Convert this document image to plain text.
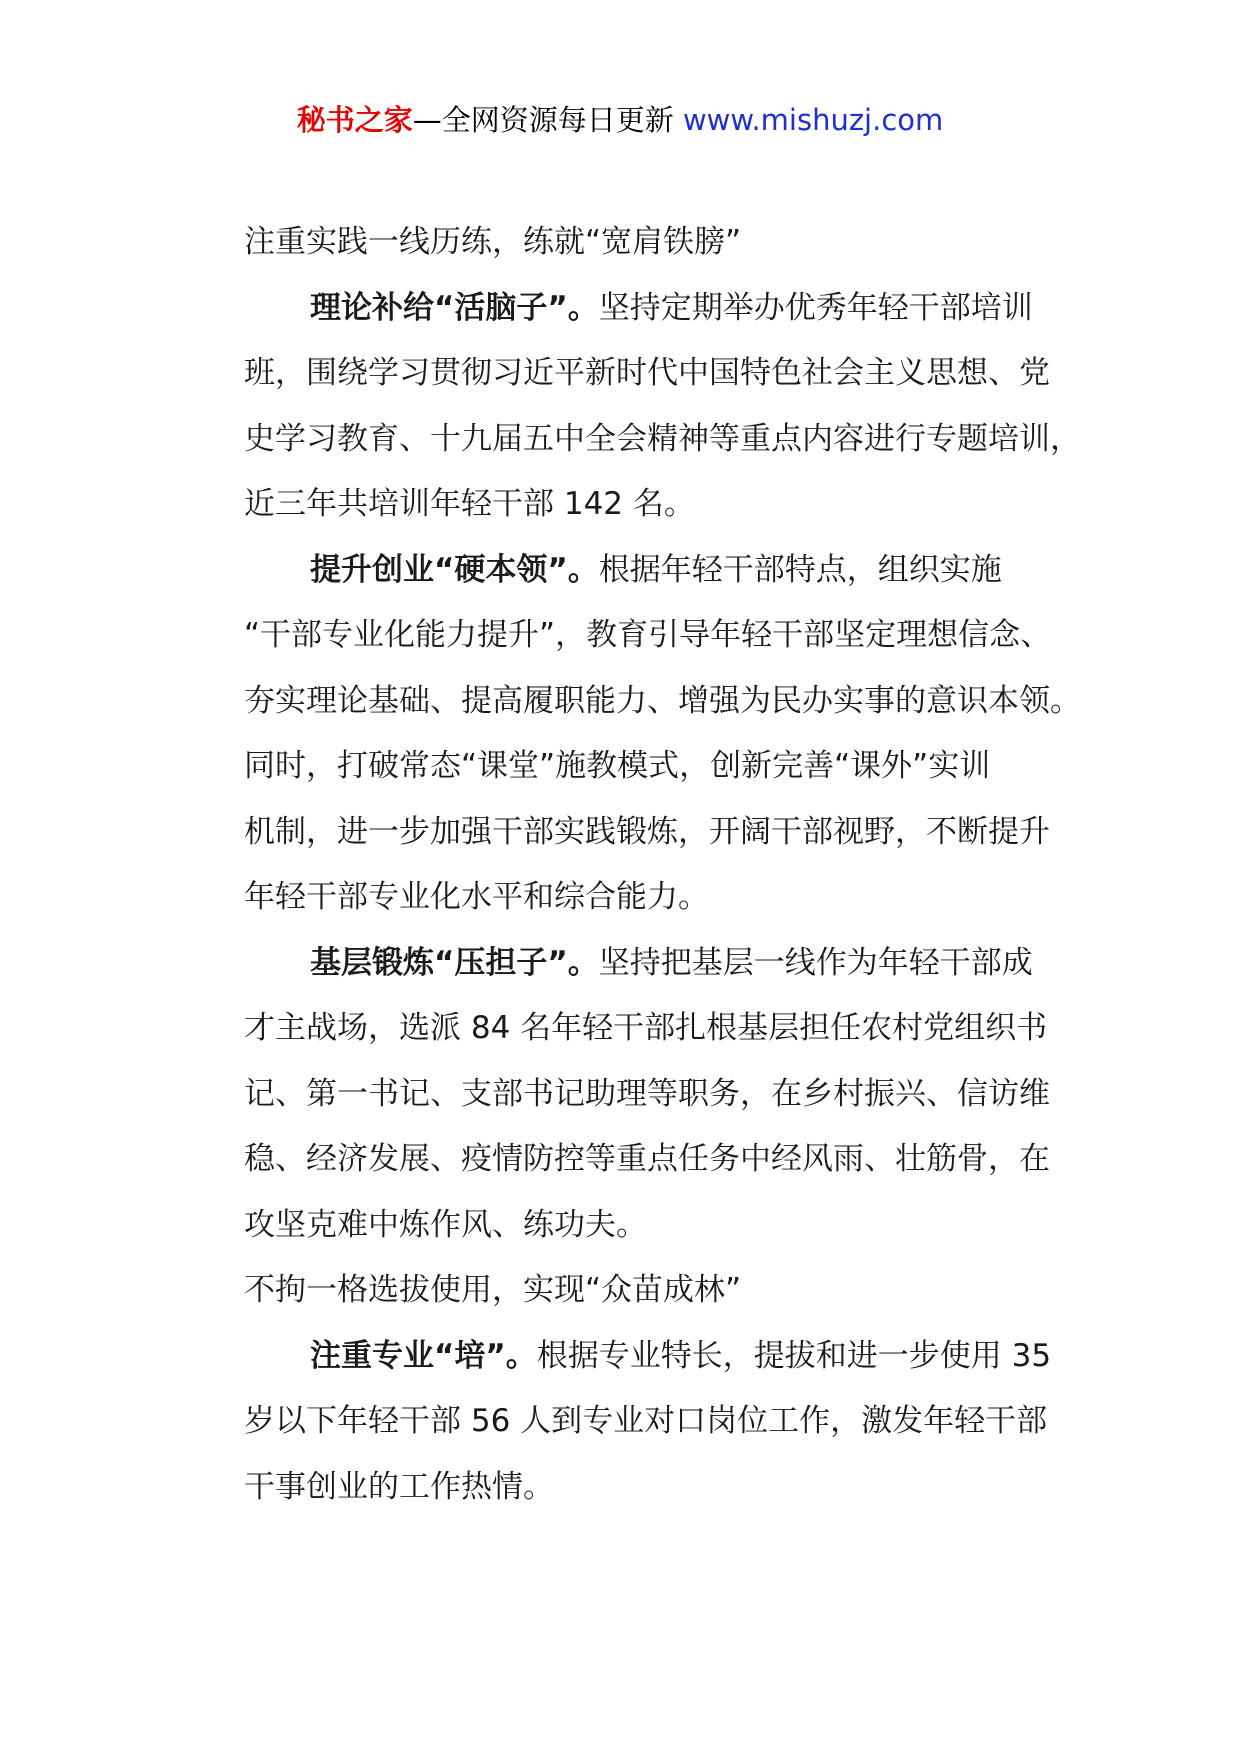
秘书之家—全网资源每日更新 www.mishuzj.com

注重实践一线历练，练就“宽肩铁膀”

理论补给“活脑子”。坚持定期举办优秀年轻干部培训
班，围绕学习贯彻习近平新时代中国特色社会主义思想、党
史学习教育、十九届五中全会精神等重点内容进行专题培训，
近三年共培训年轻干部 142 名。

提升创业“硬本领”。根据年轻干部特点，组织实施
“干部专业化能力提升”，教育引导年轻干部坚定理想信念、
夯实理论基础、提高履职能力、增强为民办实事的意识本领。
同时，打破常态“课堂”施教模式，创新完善“课外”实训
机制，进一步加强干部实践锻炼，开阔干部视野，不断提升
年轻干部专业化水平和综合能力。

基层锻炼“压担子”。坚持把基层一线作为年轻干部成
才主战场，选派 84 名年轻干部扎根基层担任农村党组织书
记、第一书记、支部书记助理等职务，在乡村振兴、信访维
稳、经济发展、疫情防控等重点任务中经风雨、壮筋骨，在
攻坚克难中炼作风、练功夫。

不拘一格选拔使用，实现“众苗成林”

注重专业“培”。根据专业特长，提拔和进一步使用 35
岁以下年轻干部 56 人到专业对口岗位工作，激发年轻干部
干事创业的工作热情。
